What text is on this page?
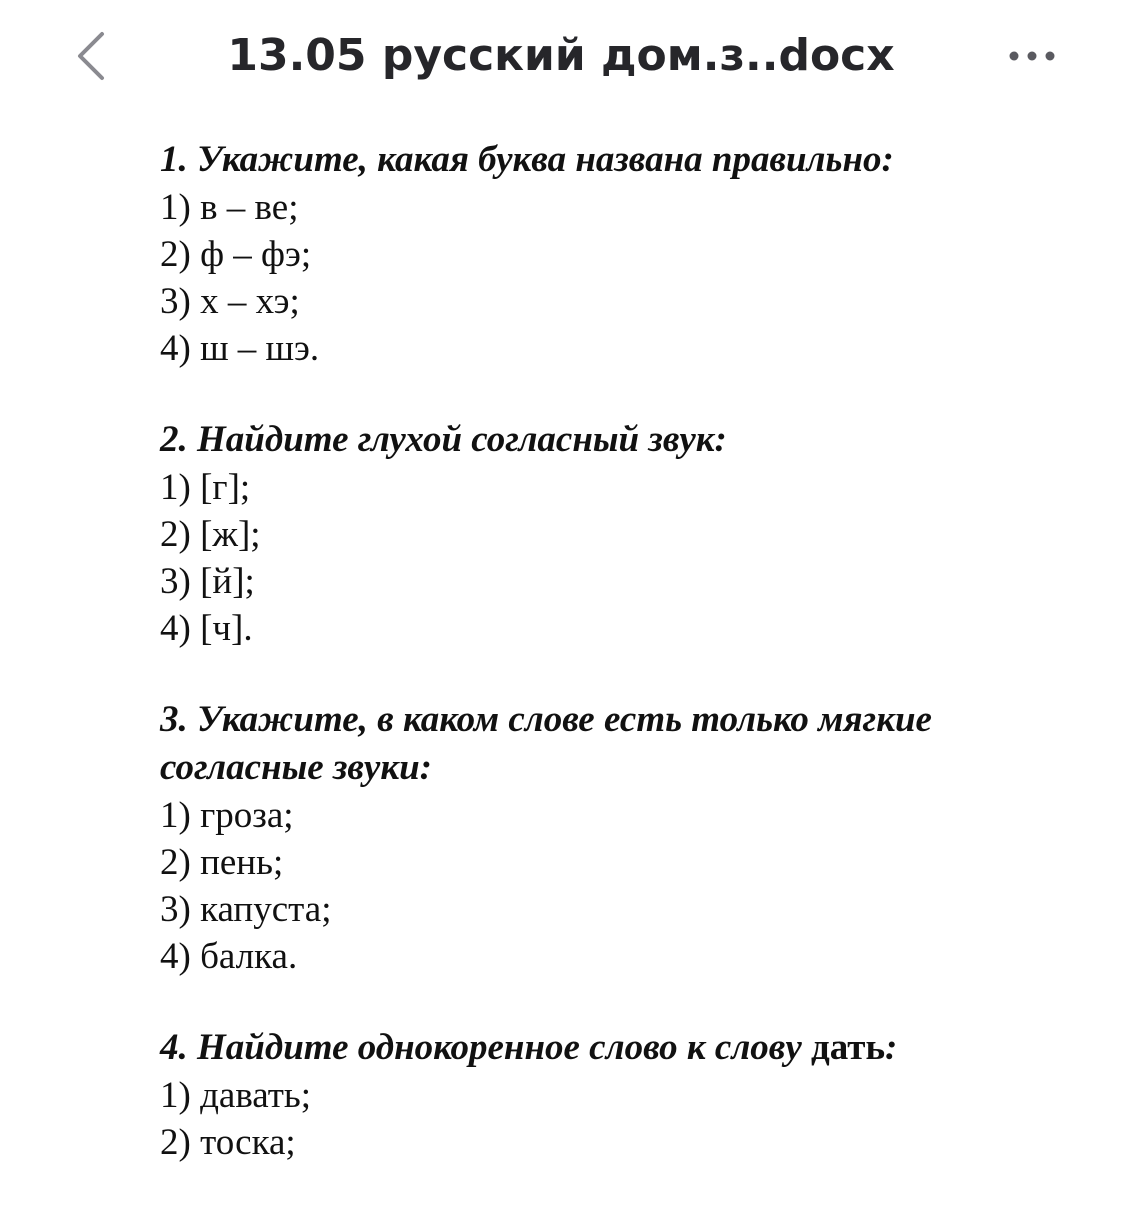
13.05 русский дом.з..docx
1. Укажите, какая буква названа правильно:
1) в – ве;
2) ф – фэ;
3) х – хэ;
4) ш – шэ.
2. Найдите глухой согласный звук:
1) [г];
2) [ж];
3) [й];
4) [ч].
3. Укажите, в каком слове есть только мягкие
согласные звуки:
1) гроза;
2) пень;
3) капуста;
4) балка.
4. Найдите однокоренное слово к слову дать:
1) давать;
2) тоска;
